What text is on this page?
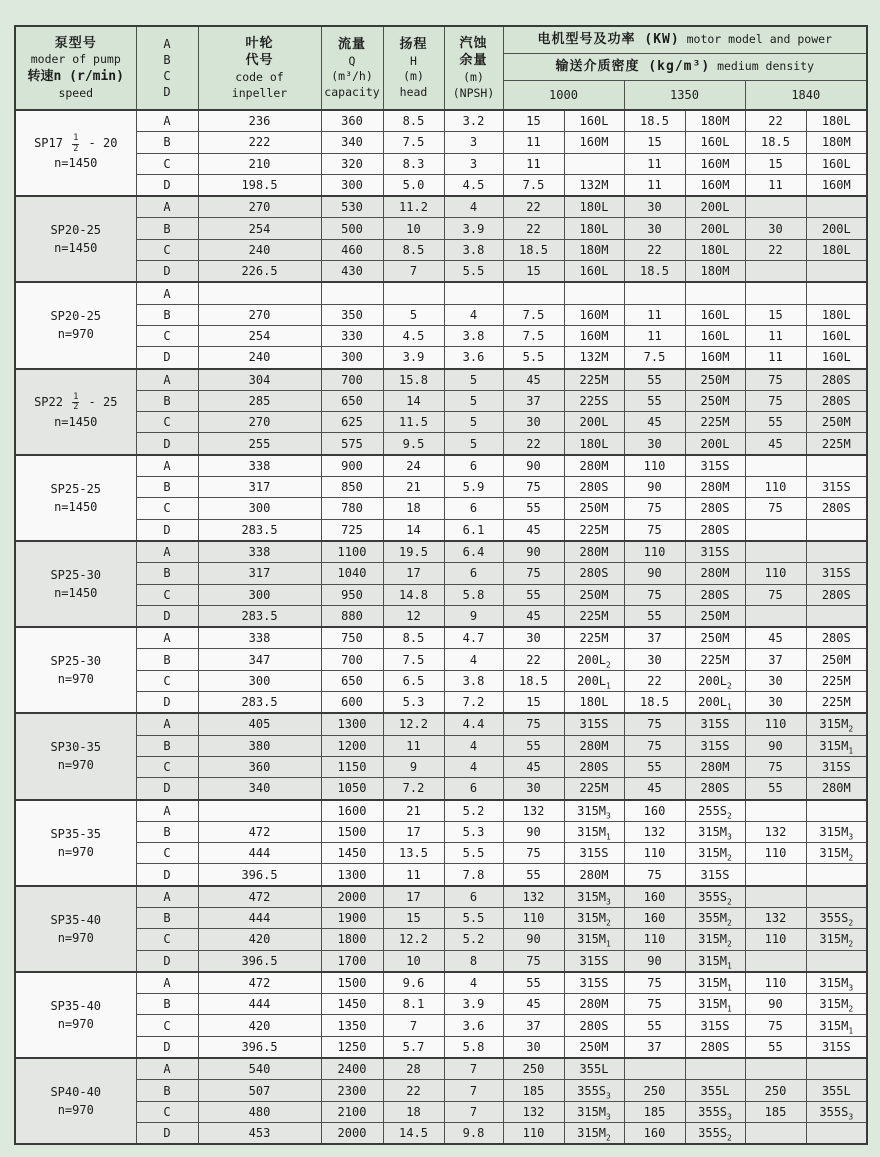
泵型号
moder of pump
转速n (r/min)
speed

A
B
C
D

叶轮
代号
code of
inpeller

流量
Q
(m³/h)
capacity

扬程
H
(m)
head

汽蚀
余量
(m)
(NPSH)
	电机型号及功率 (KW) motor model and power
						输送介质密度 (kg/m³) medium density					
						1000		1350		1840	

$SP17 \frac{1}{2} - 20$
n=1450	A	236	360	8.5	3.2	15	160L	18.5	180M	22	180L
	B	222	340	7.5	3	11	160M	15	160L	18.5	180M
	C	210	320	8.3	3	11		11	160M	15	160L
	D	198.5	300	5.0	4.5	7.5	132M	11	160M	11	160M

SP20-25
n=1450	A	270	530	11.2	4	22	180L	30	200L		
	B	254	500	10	3.9	22	180L	30	200L	30	200L
	C	240	460	8.5	3.8	18.5	180M	22	180L	22	180L
	D	226.5	430	7	5.5	15	160L	18.5	180M		

SP20-25
n=970	A										
	B	270	350	5	4	7.5	160M	11	160L	15	180L
	C	254	330	4.5	3.8	7.5	160M	11	160L	11	160L
	D	240	300	3.9	3.6	5.5	132M	7.5	160M	11	160L

$SP22 \frac{1}{2} - 25$
n=1450	A	304	700	15.8	5	45	225M	55	250M	75	280S
	B	285	650	14	5	37	225S	55	250M	75	280S
	C	270	625	11.5	5	30	200L	45	225M	55	250M
	D	255	575	9.5	5	22	180L	30	200L	45	225M

SP25-25
n=1450	A	338	900	24	6	90	280M	110	315S		
	B	317	850	21	5.9	75	280S	90	280M	110	315S
	C	300	780	18	6	55	250M	75	280S	75	280S
	D	283.5	725	14	6.1	45	225M	75	280S		

SP25-30
n=1450	A	338	1100	19.5	6.4	90	280M	110	315S		
	B	317	1040	17	6	75	280S	90	280M	110	315S
	C	300	950	14.8	5.8	55	250M	75	280S	75	280S
	D	283.5	880	12	9	45	225M	55	250M		

SP25-30
n=970	A	338	750	8.5	4.7	30	225M	37	250M	45	280S
	B	347	700	7.5	4	22	$200L_2$	30	225M	37	250M
	C	300	650	6.5	3.8	18.5	$200L_1$	22	$200L_2$	30	225M
	D	283.5	600	5.3	7.2	15	180L	18.5	$200L_1$	30	225M

SP30-35
n=970	A	405	1300	12.2	4.4	75	315S	75	315S	110	$315M_2$
	B	380	1200	11	4	55	280M	75	315S	90	$315M_1$
	C	360	1150	9	4	45	280S	55	280M	75	315S
	D	340	1050	7.2	6	30	225M	45	280S	55	280M

SP35-35
n=970	A		1600	21	5.2	132	$315M_3$	160	$255S_2$		
	B	472	1500	17	5.3	90	$315M_1$	132	$315M_3$	132	$315M_3$
	C	444	1450	13.5	5.5	75	315S	110	$315M_2$	110	$315M_2$
	D	396.5	1300	11	7.8	55	280M	75	315S		

SP35-40
n=970	A	472	2000	17	6	132	$315M_3$	160	$355S_2$		
	B	444	1900	15	5.5	110	$315M_2$	160	$355M_2$	132	$355S_2$
	C	420	1800	12.2	5.2	90	$315M_1$	110	$315M_2$	110	$315M_2$
	D	396.5	1700	10	8	75	315S	90	$315M_1$		

SP35-40
n=970	A	472	1500	9.6	4	55	315S	75	$315M_1$	110	$315M_3$
	B	444	1450	8.1	3.9	45	280M	75	$315M_1$	90	$315M_2$
	C	420	1350	7	3.6	37	280S	55	315S	75	$315M_1$
	D	396.5	1250	5.7	5.8	30	250M	37	280S	55	315S

SP40-40
n=970	A	540	2400	28	7	250	355L				
	B	507	2300	22	7	185	$355S_3$	250	355L	250	355L
	C	480	2100	18	7	132	$315M_3$	185	$355S_3$	185	$355S_3$
	D	453	2000	14.5	9.8	110	$315M_2$	160	$355S_2$		
